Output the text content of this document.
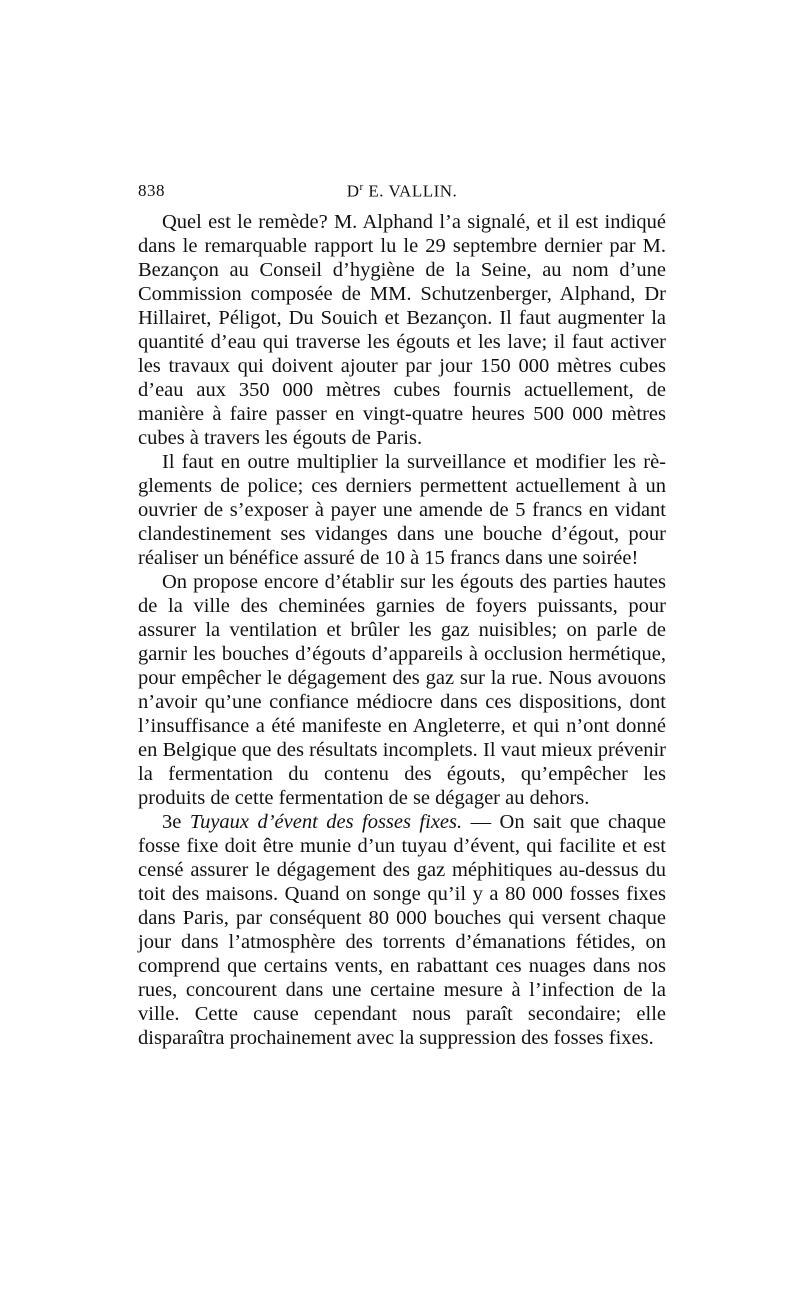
838	$D^r$ E. VALLIN.

Quel est le remède? M. Alphand l’a signalé, et il est indiqué dans le remarquable rapport lu le 29 septembre dernier par M. Bezançon au Conseil d’hygiène de la Seine, au nom d’une Commission composée de MM. Schutzenberger, Alphand, Dr Hillairet, Péligot, Du Souich et Bezançon. Il faut augmenter la quantité d’eau qui traverse les égouts et les lave; il faut activer les travaux qui doivent ajouter par jour 150 000 mètres cubes d’eau aux 350 000 mètres cubes fournis actuellement, de manière à faire passer en vingt-quatre heures 500 000 mètres cubes à travers les égouts de Paris.

Il faut en outre multiplier la surveillance et modifier les règlements de police; ces derniers permettent actuellement à un ouvrier de s’exposer à payer une amende de 5 francs en vidant clandestinement ses vidanges dans une bouche d’égout, pour réaliser un bénéfice assuré de 10 à 15 francs dans une soirée!

On propose encore d’établir sur les égouts des parties hautes de la ville des cheminées garnies de foyers puissants, pour assurer la ventilation et brûler les gaz nuisibles; on parle de garnir les bouches d’égouts d’appareils à occlusion hermétique, pour empêcher le dégagement des gaz sur la rue. Nous avouons n’avoir qu’une confiance médiocre dans ces dispositions, dont l’insuffisance a été manifeste en Angleterre, et qui n’ont donné en Belgique que des résultats incomplets. Il vaut mieux prévenir la fermentation du contenu des égouts, qu’empêcher les produits de cette fermentation de se dégager au dehors.

3e Tuyaux d’évent des fosses fixes. — On sait que chaque fosse fixe doit être munie d’un tuyau d’évent, qui facilite et est censé assurer le dégagement des gaz méphitiques au-dessus du toit des maisons. Quand on songe qu’il y a 80 000 fosses fixes dans Paris, par conséquent 80 000 bouches qui versent chaque jour dans l’atmosphère des torrents d’émanations fétides, on comprend que certains vents, en rabattant ces nuages dans nos rues, concourent dans une certaine mesure à l’infection de la ville. Cette cause cependant nous paraît secondaire; elle disparaîtra prochainement avec la suppression des fosses fixes.
